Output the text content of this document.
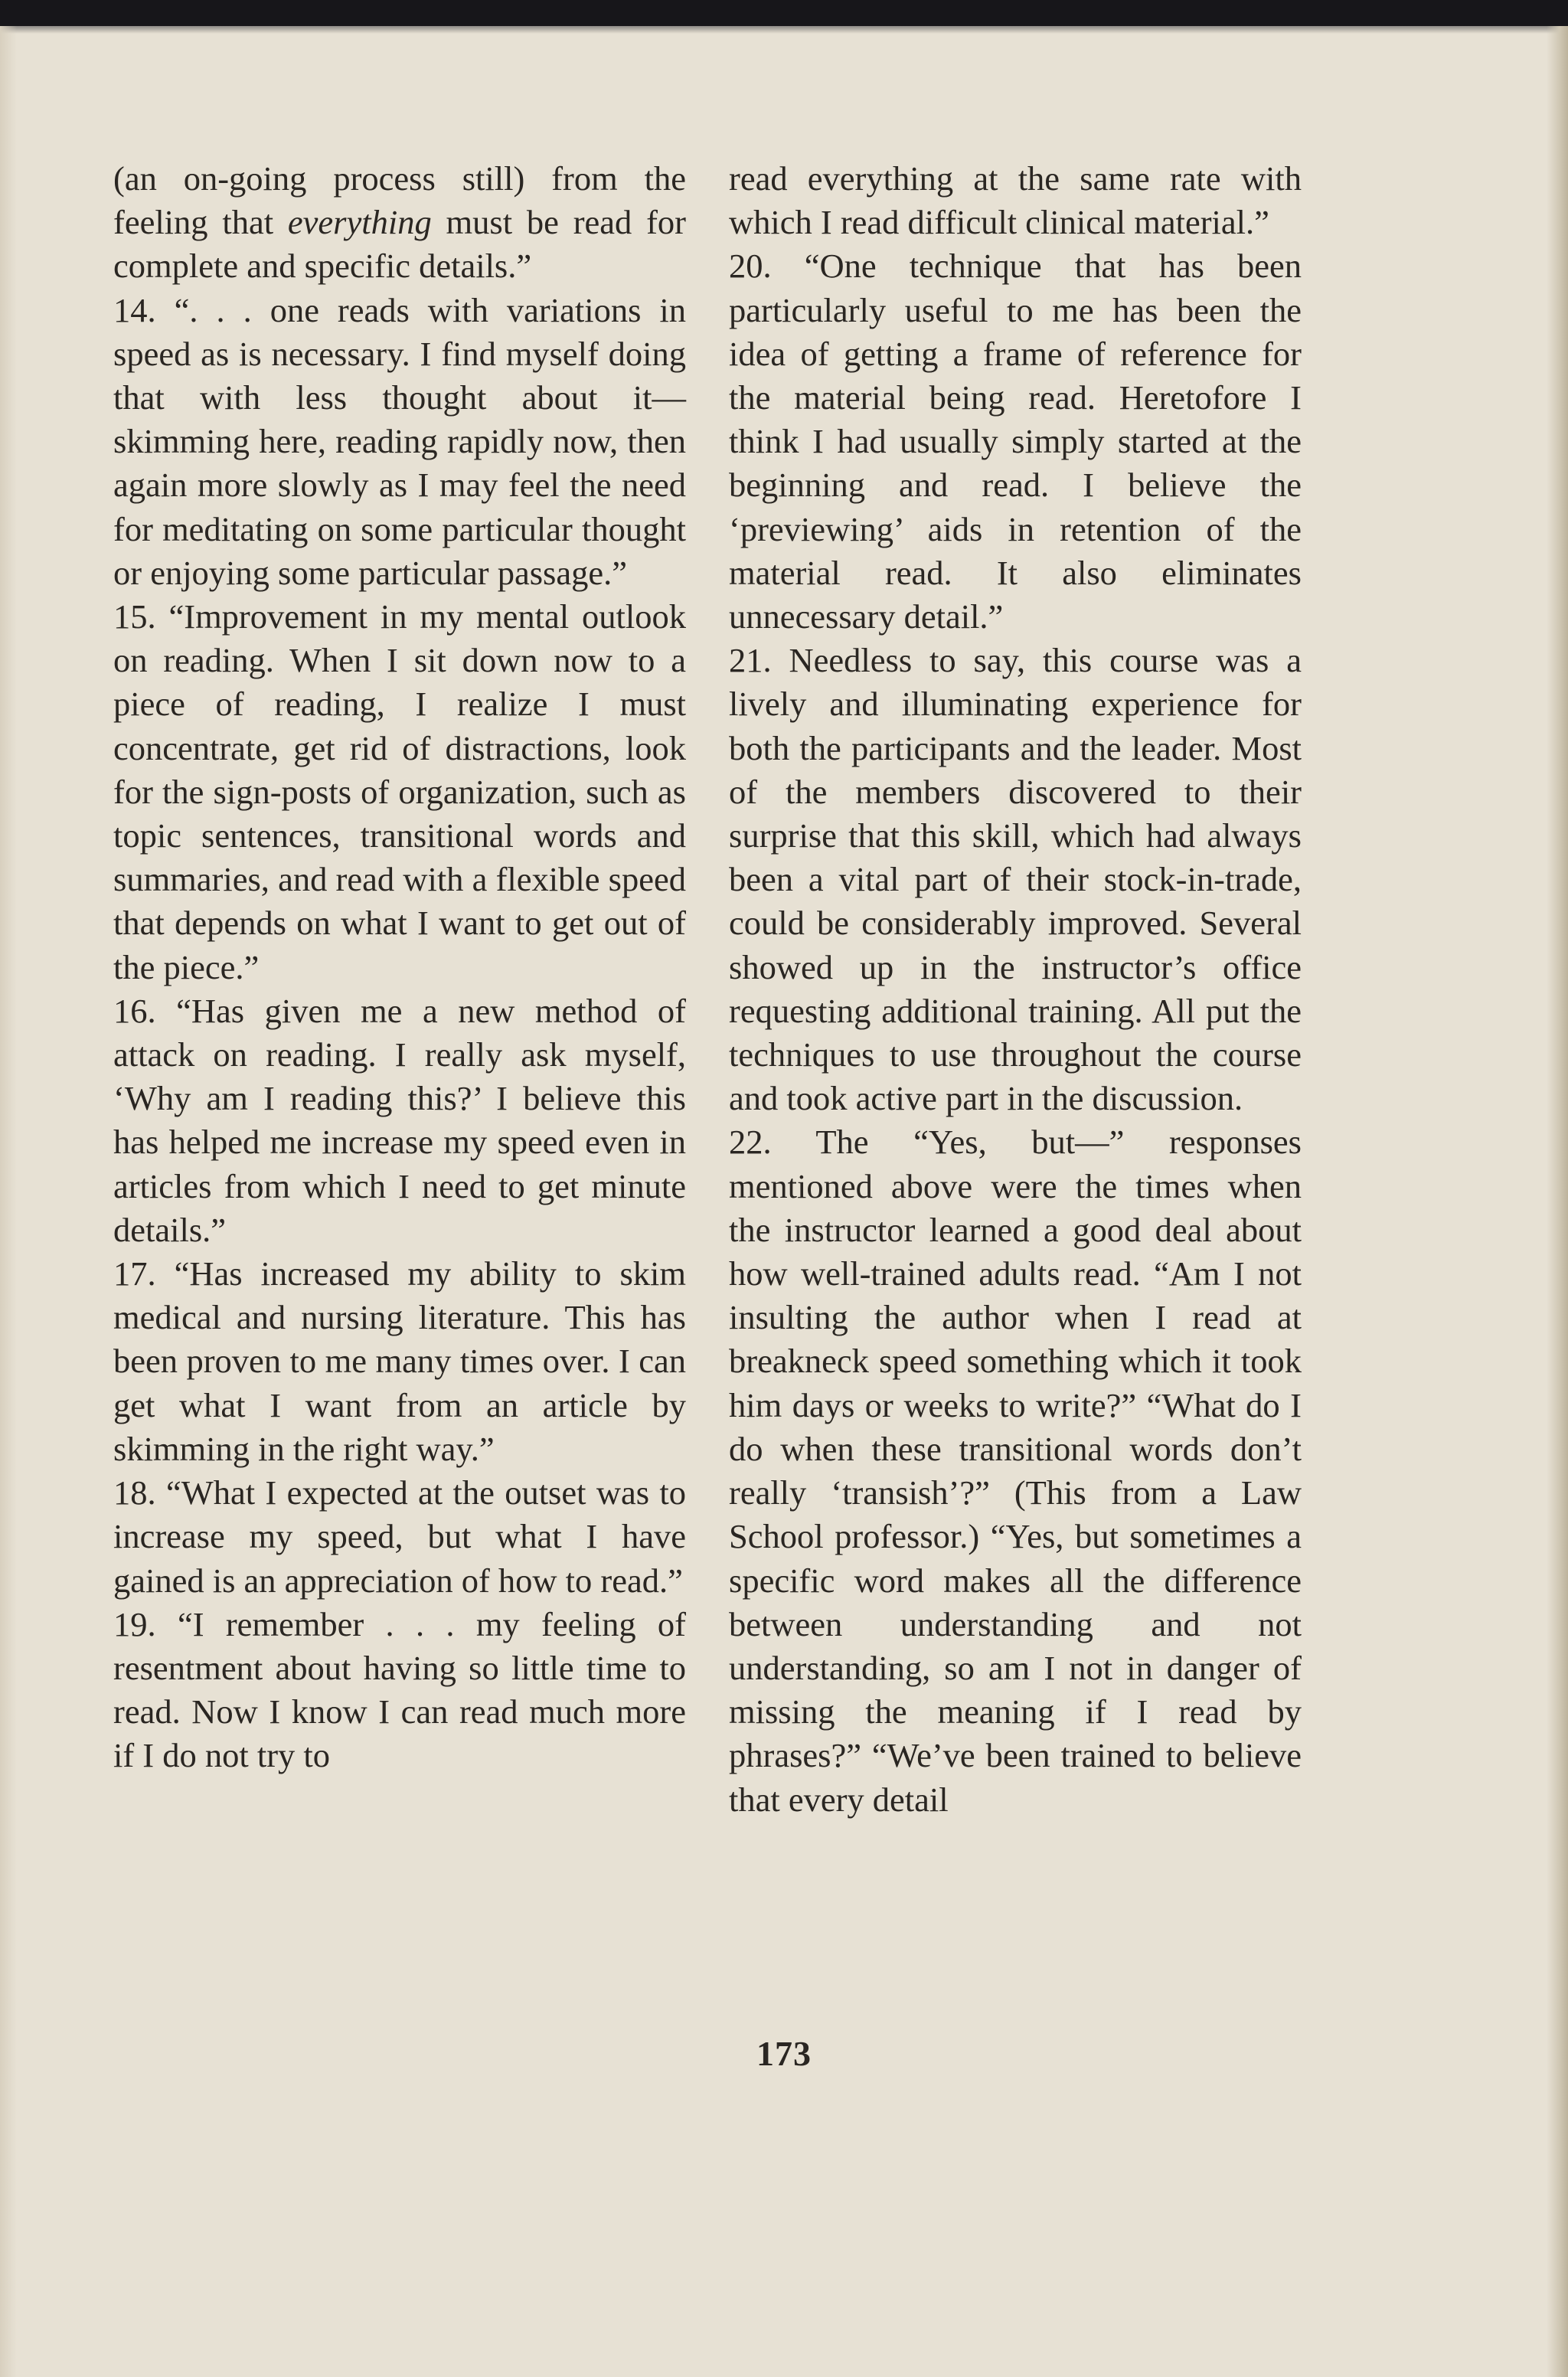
(an on-going process still) from the feeling that everything must be read for complete and specific details.”

14. “. . . one reads with variations in speed as is necessary. I find myself doing that with less thought about it—skimming here, reading rapidly now, then again more slowly as I may feel the need for meditating on some particular thought or enjoying some particular passage.”

15. “Improvement in my mental outlook on reading. When I sit down now to a piece of reading, I realize I must concentrate, get rid of distractions, look for the sign-posts of organization, such as topic sentences, transitional words and summaries, and read with a flexible speed that depends on what I want to get out of the piece.”

16. “Has given me a new method of attack on reading. I really ask myself, ‘Why am I reading this?’ I believe this has helped me increase my speed even in articles from which I need to get minute details.”

17. “Has increased my ability to skim medical and nursing literature. This has been proven to me many times over. I can get what I want from an article by skimming in the right way.”

18. “What I expected at the outset was to increase my speed, but what I have gained is an appreciation of how to read.”

19. “I remember . . . my feeling of resentment about having so little time to read. Now I know I can read much more if I do not try to

read everything at the same rate with which I read difficult clinical material.”

20. “One technique that has been particularly useful to me has been the idea of getting a frame of reference for the material being read. Heretofore I think I had usually simply started at the beginning and read. I believe the ‘previewing’ aids in retention of the material read. It also eliminates unnecessary detail.”

21. Needless to say, this course was a lively and illuminating experience for both the participants and the leader. Most of the members discovered to their surprise that this skill, which had always been a vital part of their stock-in-trade, could be considerably improved. Several showed up in the instructor’s office requesting additional training. All put the techniques to use throughout the course and took active part in the discussion.

22. The “Yes, but—” responses mentioned above were the times when the instructor learned a good deal about how well-trained adults read. “Am I not insulting the author when I read at breakneck speed something which it took him days or weeks to write?” “What do I do when these transitional words don’t really ‘transish’?” (This from a Law School professor.) “Yes, but sometimes a specific word makes all the difference between understanding and not understanding, so am I not in danger of missing the meaning if I read by phrases?” “We’ve been trained to believe that every detail

173
